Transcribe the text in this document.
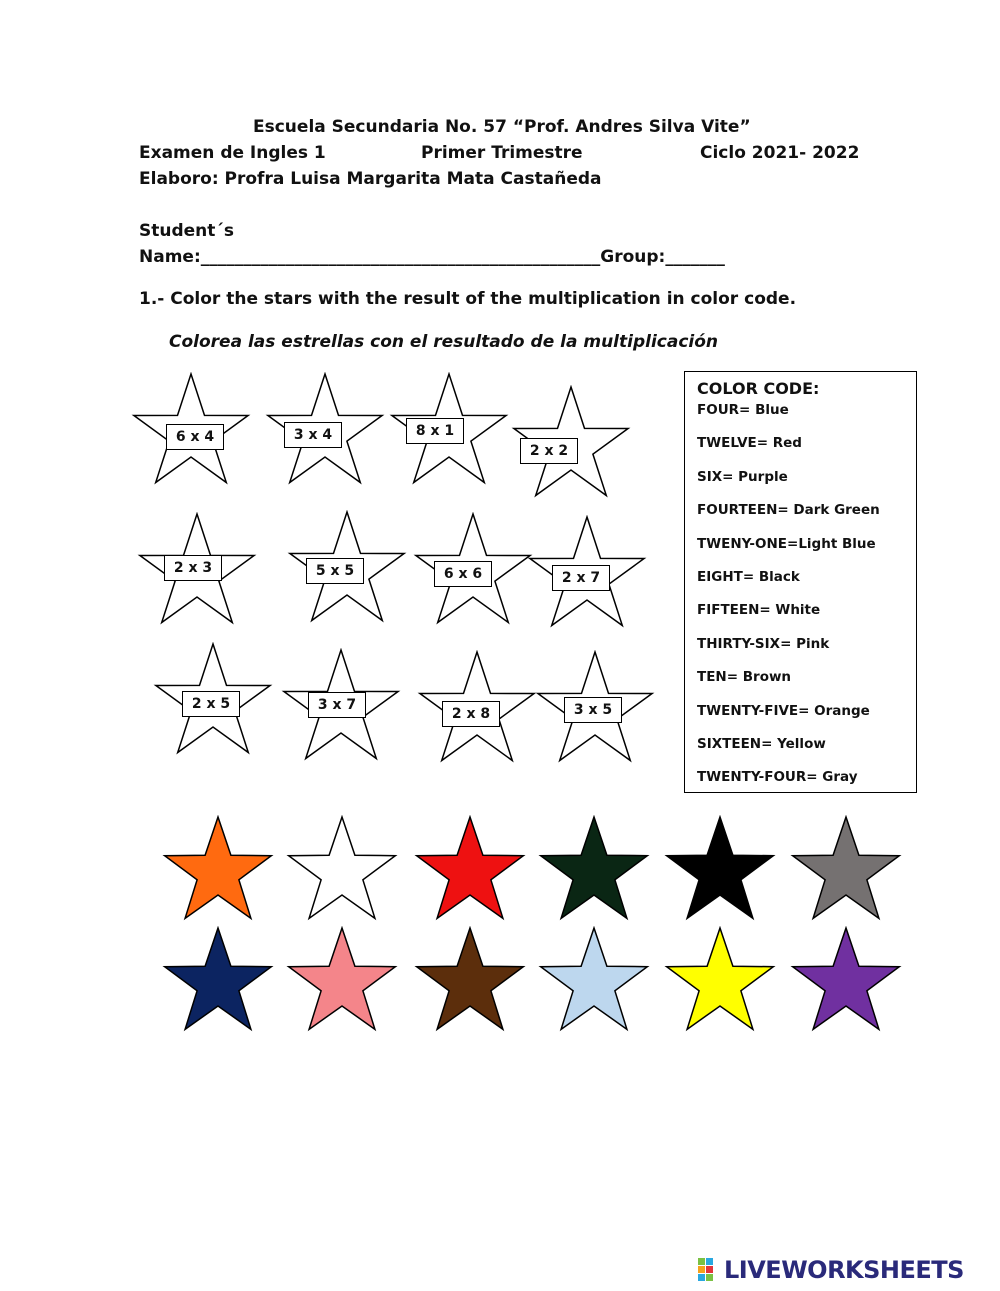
Escuela Secundaria No. 57 “Prof. Andres Silva Vite”
Examen de Ingles 1	Primer Trimestre	Ciclo 2021- 2022
Elaboro: Profra Luisa Margarita Mata Castañeda
Student´s
Name:_______________________________________________Group:_______
1.- Color the stars with the result of the multiplication in color code.
Colorea las estrellas con el resultado de la multiplicación
6 x 4	3 x 4	8 x 1
2 x 2
2 x 3	5 x 5	6 x 6	2 x 7
2 x 5	3 x 7
2 x 8	3 x 5
COLOR CODE:
FOUR= Blue
TWELVE= Red
SIX= Purple
FOURTEEN= Dark Green
TWENY-ONE=Light Blue
EIGHT= Black
FIFTEEN= White
THIRTY-SIX= Pink
TEN= Brown
TWENTY-FIVE= Orange
SIXTEEN= Yellow
TWENTY-FOUR= Gray
LIVEWORKSHEETS
